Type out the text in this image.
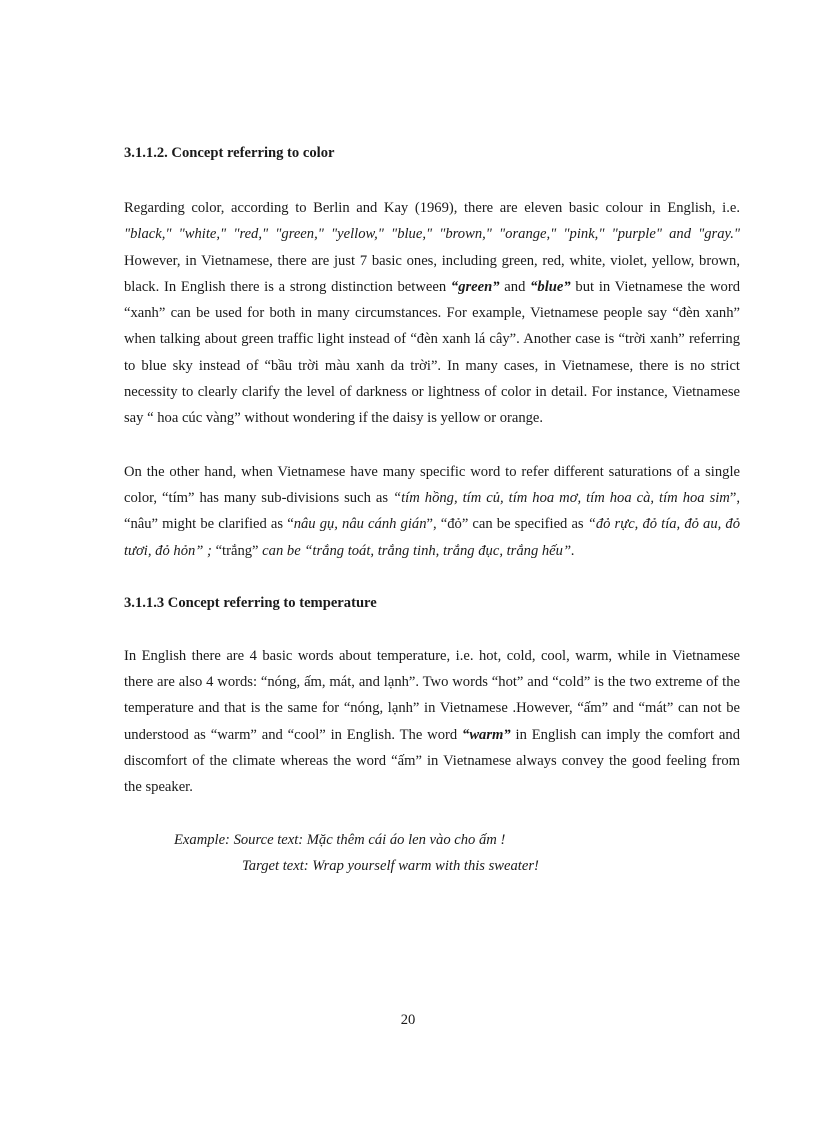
3.1.1.2. Concept referring to color

Regarding color, according to Berlin and Kay (1969), there are eleven basic colour in English, i.e. "black," "white," "red," "green," "yellow," "blue," "brown," "orange," "pink," "purple" and "gray." However, in Vietnamese, there are just 7 basic ones, including green, red, white, violet, yellow, brown, black. In English there is a strong distinction between “green” and “blue” but in Vietnamese the word “xanh” can be used for both in many circumstances. For example, Vietnamese people say “đèn xanh” when talking about green traffic light instead of “đèn xanh lá cây”. Another case is “trời xanh” referring to blue sky instead of “bầu trời màu xanh da trời”. In many cases, in Vietnamese, there is no strict necessity to clearly clarify the level of darkness or lightness of color in detail. For instance, Vietnamese say “ hoa cúc vàng” without wondering if the daisy is yellow or orange.

On the other hand, when Vietnamese have many specific word to refer different saturations of a single color, “tím” has many sub-divisions such as “tím hồng, tím củ, tím hoa mơ, tím hoa cà, tím hoa sim”, “nâu” might be clarified as “nâu gụ, nâu cánh gián”, “đỏ” can be specified as “đỏ rực, đỏ tía, đỏ au, đỏ tươi, đỏ hỏn” ; “trắng” can be “trắng toát, trắng tinh, trắng đục, trắng hếu”.

3.1.1.3 Concept referring to temperature

In English there are 4 basic words about temperature, i.e. hot, cold, cool, warm, while in Vietnamese there are also 4 words: “nóng, ấm, mát, and lạnh”. Two words “hot” and “cold” is the two extreme of the temperature and that is the same for “nóng, lạnh” in Vietnamese .However, “ấm” and “mát” can not be understood as “warm” and “cool” in English. The word “warm” in English can imply the comfort and discomfort of the climate whereas the word “ấm” in Vietnamese always convey the good feeling from the speaker.

Example: Source text: Mặc thêm cái áo len vào cho ấm !
Target text: Wrap yourself warm with this sweater!

20
